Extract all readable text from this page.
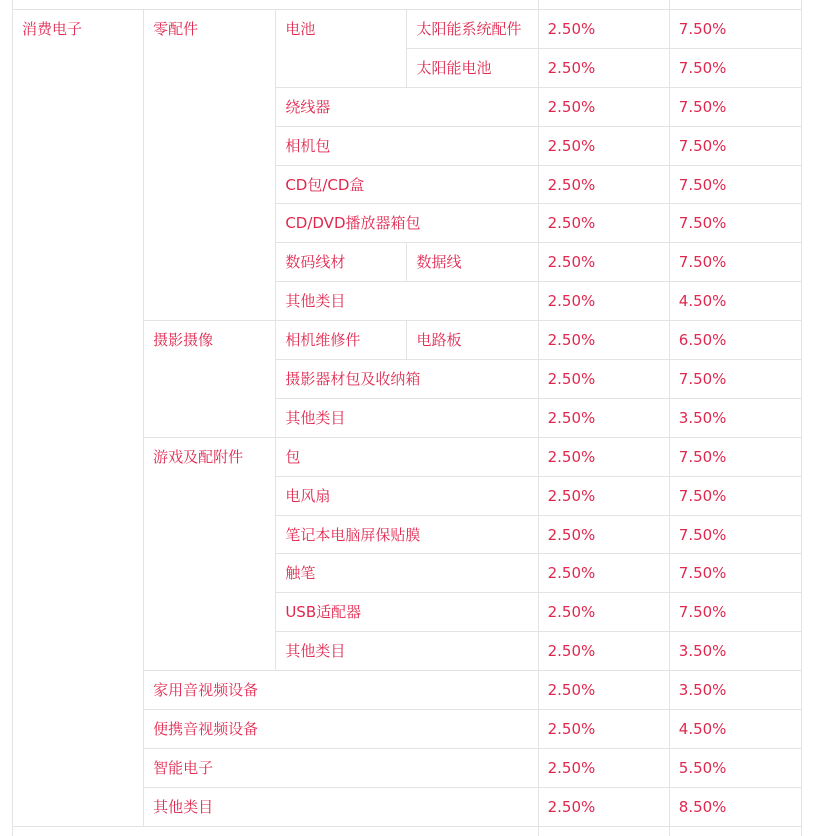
消费电子	零配件	电池	太阳能系统配件	2.50%	7.50%
			太阳能电池	2.50%	7.50%
		绕线器		2.50%	7.50%
		相机包		2.50%	7.50%
		CD包/CD盒		2.50%	7.50%
		CD/DVD播放器箱包		2.50%	7.50%
		数码线材	数据线	2.50%	7.50%
		其他类目		2.50%	4.50%
	摄影摄像	相机维修件	电路板	2.50%	6.50%
		摄影器材包及收纳箱		2.50%	7.50%
		其他类目		2.50%	3.50%
	游戏及配附件	包		2.50%	7.50%
		电风扇		2.50%	7.50%
		笔记本电脑屏保贴膜		2.50%	7.50%
		触笔		2.50%	7.50%
		USB适配器		2.50%	7.50%
		其他类目		2.50%	3.50%
	家用音视频设备			2.50%	3.50%
	便携音视频设备			2.50%	4.50%
	智能电子			2.50%	5.50%
	其他类目			2.50%	8.50%
